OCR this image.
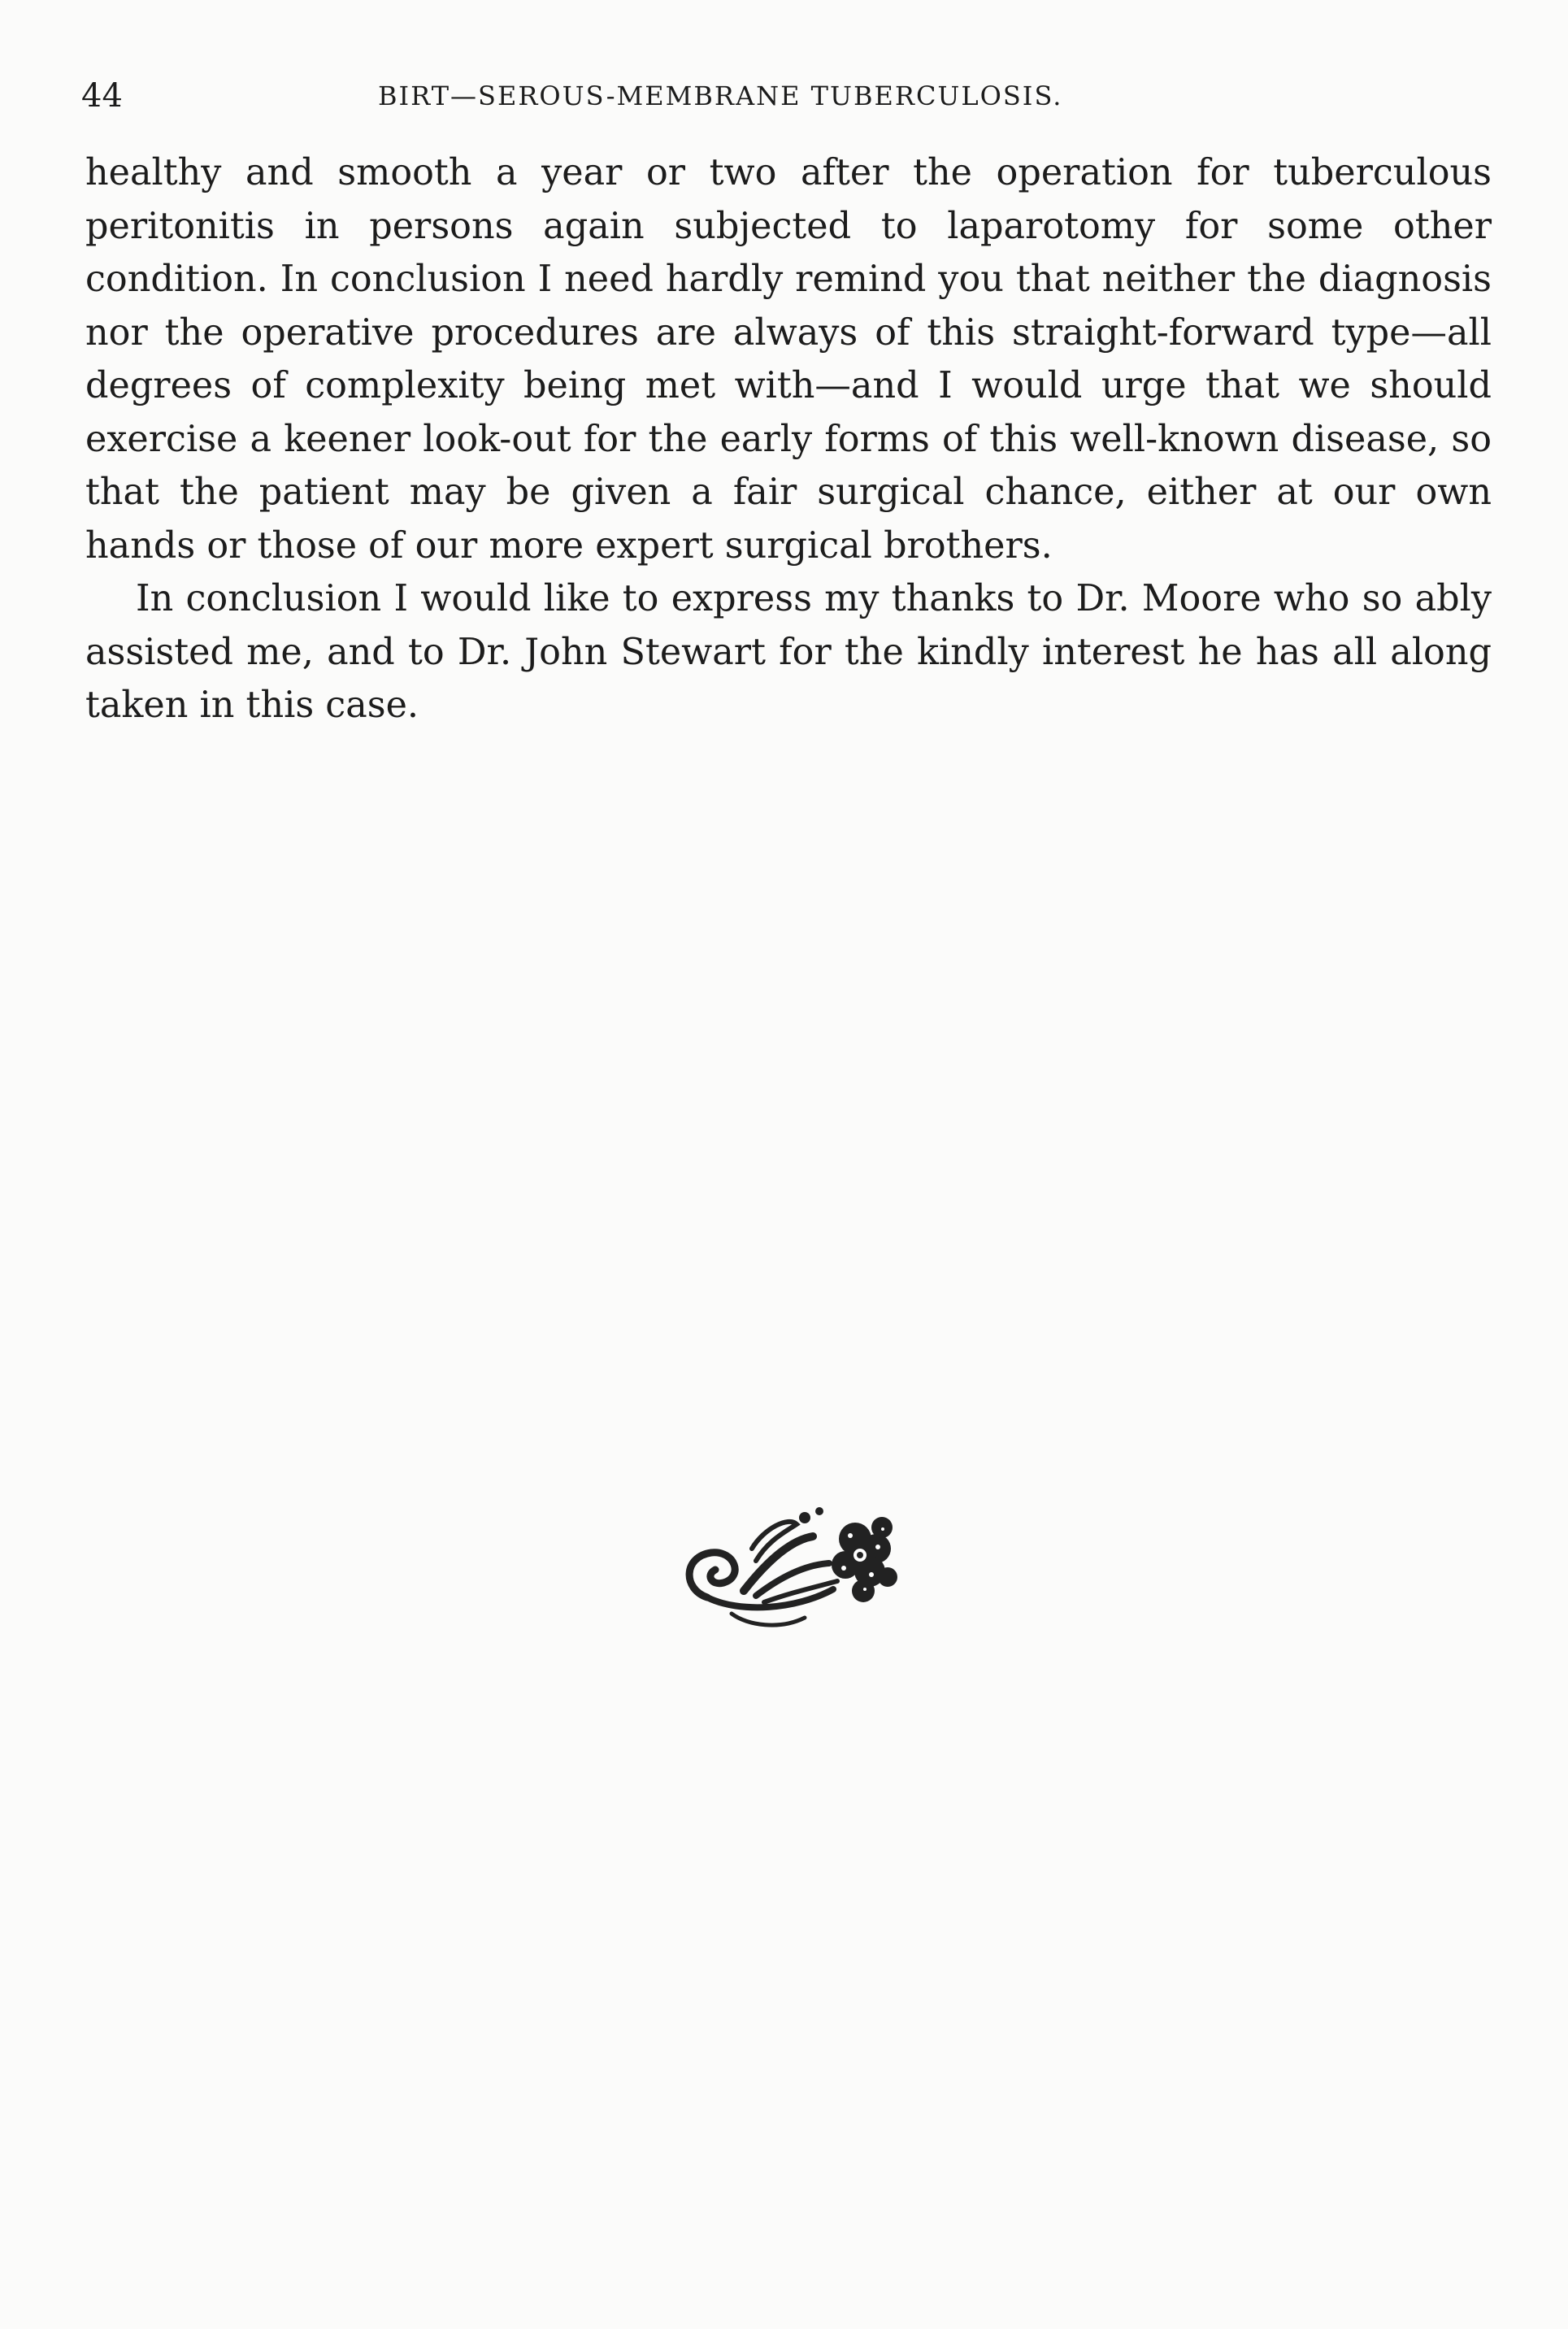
44	BIRT—SEROUS-MEMBRANE TUBERCULOSIS.

healthy and smooth a year or two after the operation for tuberculous peritonitis in persons again subjected to laparotomy for some other condition. In conclusion I need hardly remind you that neither the diagnosis nor the operative procedures are always of this straight-forward type—all degrees of complexity being met with—and I would urge that we should exercise a keener look-out for the early forms of this well-known disease, so that the patient may be given a fair surgical chance, either at our own hands or those of our more expert surgical brothers.

In conclusion I would like to express my thanks to Dr. Moore who so ably assisted me, and to Dr. John Stewart for the kindly interest he has all along taken in this case.
